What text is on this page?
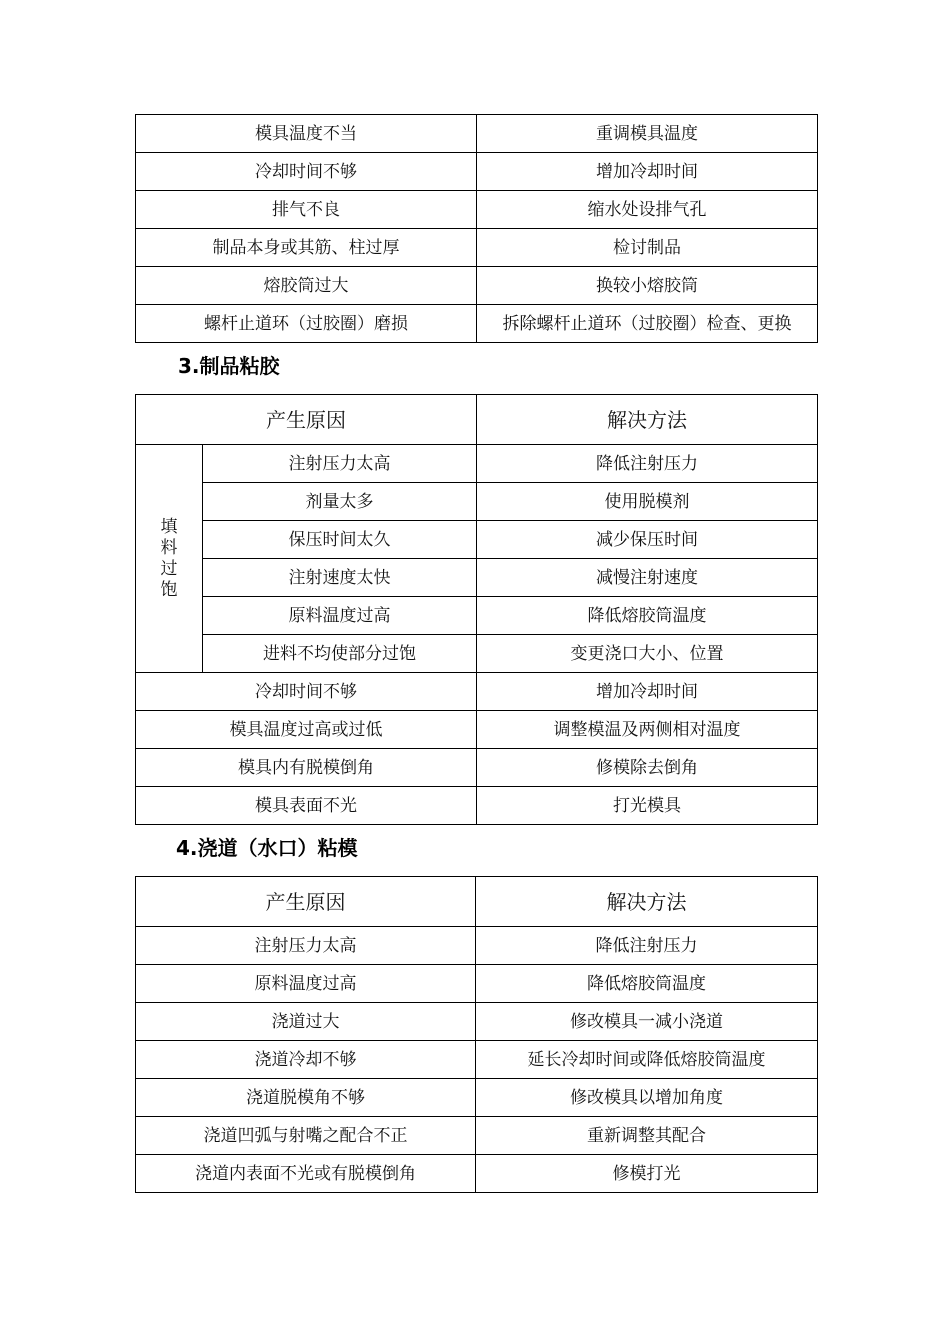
模具温度不当	重调模具温度
冷却时间不够	增加冷却时间
排气不良	缩水处设排气孔
制品本身或其筋、柱过厚	检讨制品
熔胶筒过大	换较小熔胶筒
螺杆止道环（过胶圈）磨损	拆除螺杆止道环（过胶圈）检查、更换
3.制品粘胶
产生原因		解决方法

填
料
过
饱	注射压力太高	降低注射压力
	剂量太多	使用脱模剂
	保压时间太久	减少保压时间
	注射速度太快	减慢注射速度
	原料温度过高	降低熔胶筒温度
	进料不均使部分过饱	变更浇口大小、位置
冷却时间不够		增加冷却时间
模具温度过高或过低		调整模温及两侧相对温度
模具内有脱模倒角		修模除去倒角
模具表面不光		打光模具
4.浇道（水口）粘模
产生原因	解决方法
注射压力太高	降低注射压力
原料温度过高	降低熔胶筒温度
浇道过大	修改模具一减小浇道
浇道冷却不够	延长冷却时间或降低熔胶筒温度
浇道脱模角不够	修改模具以增加角度
浇道凹弧与射嘴之配合不正	重新调整其配合
浇道内表面不光或有脱模倒角	修模打光
